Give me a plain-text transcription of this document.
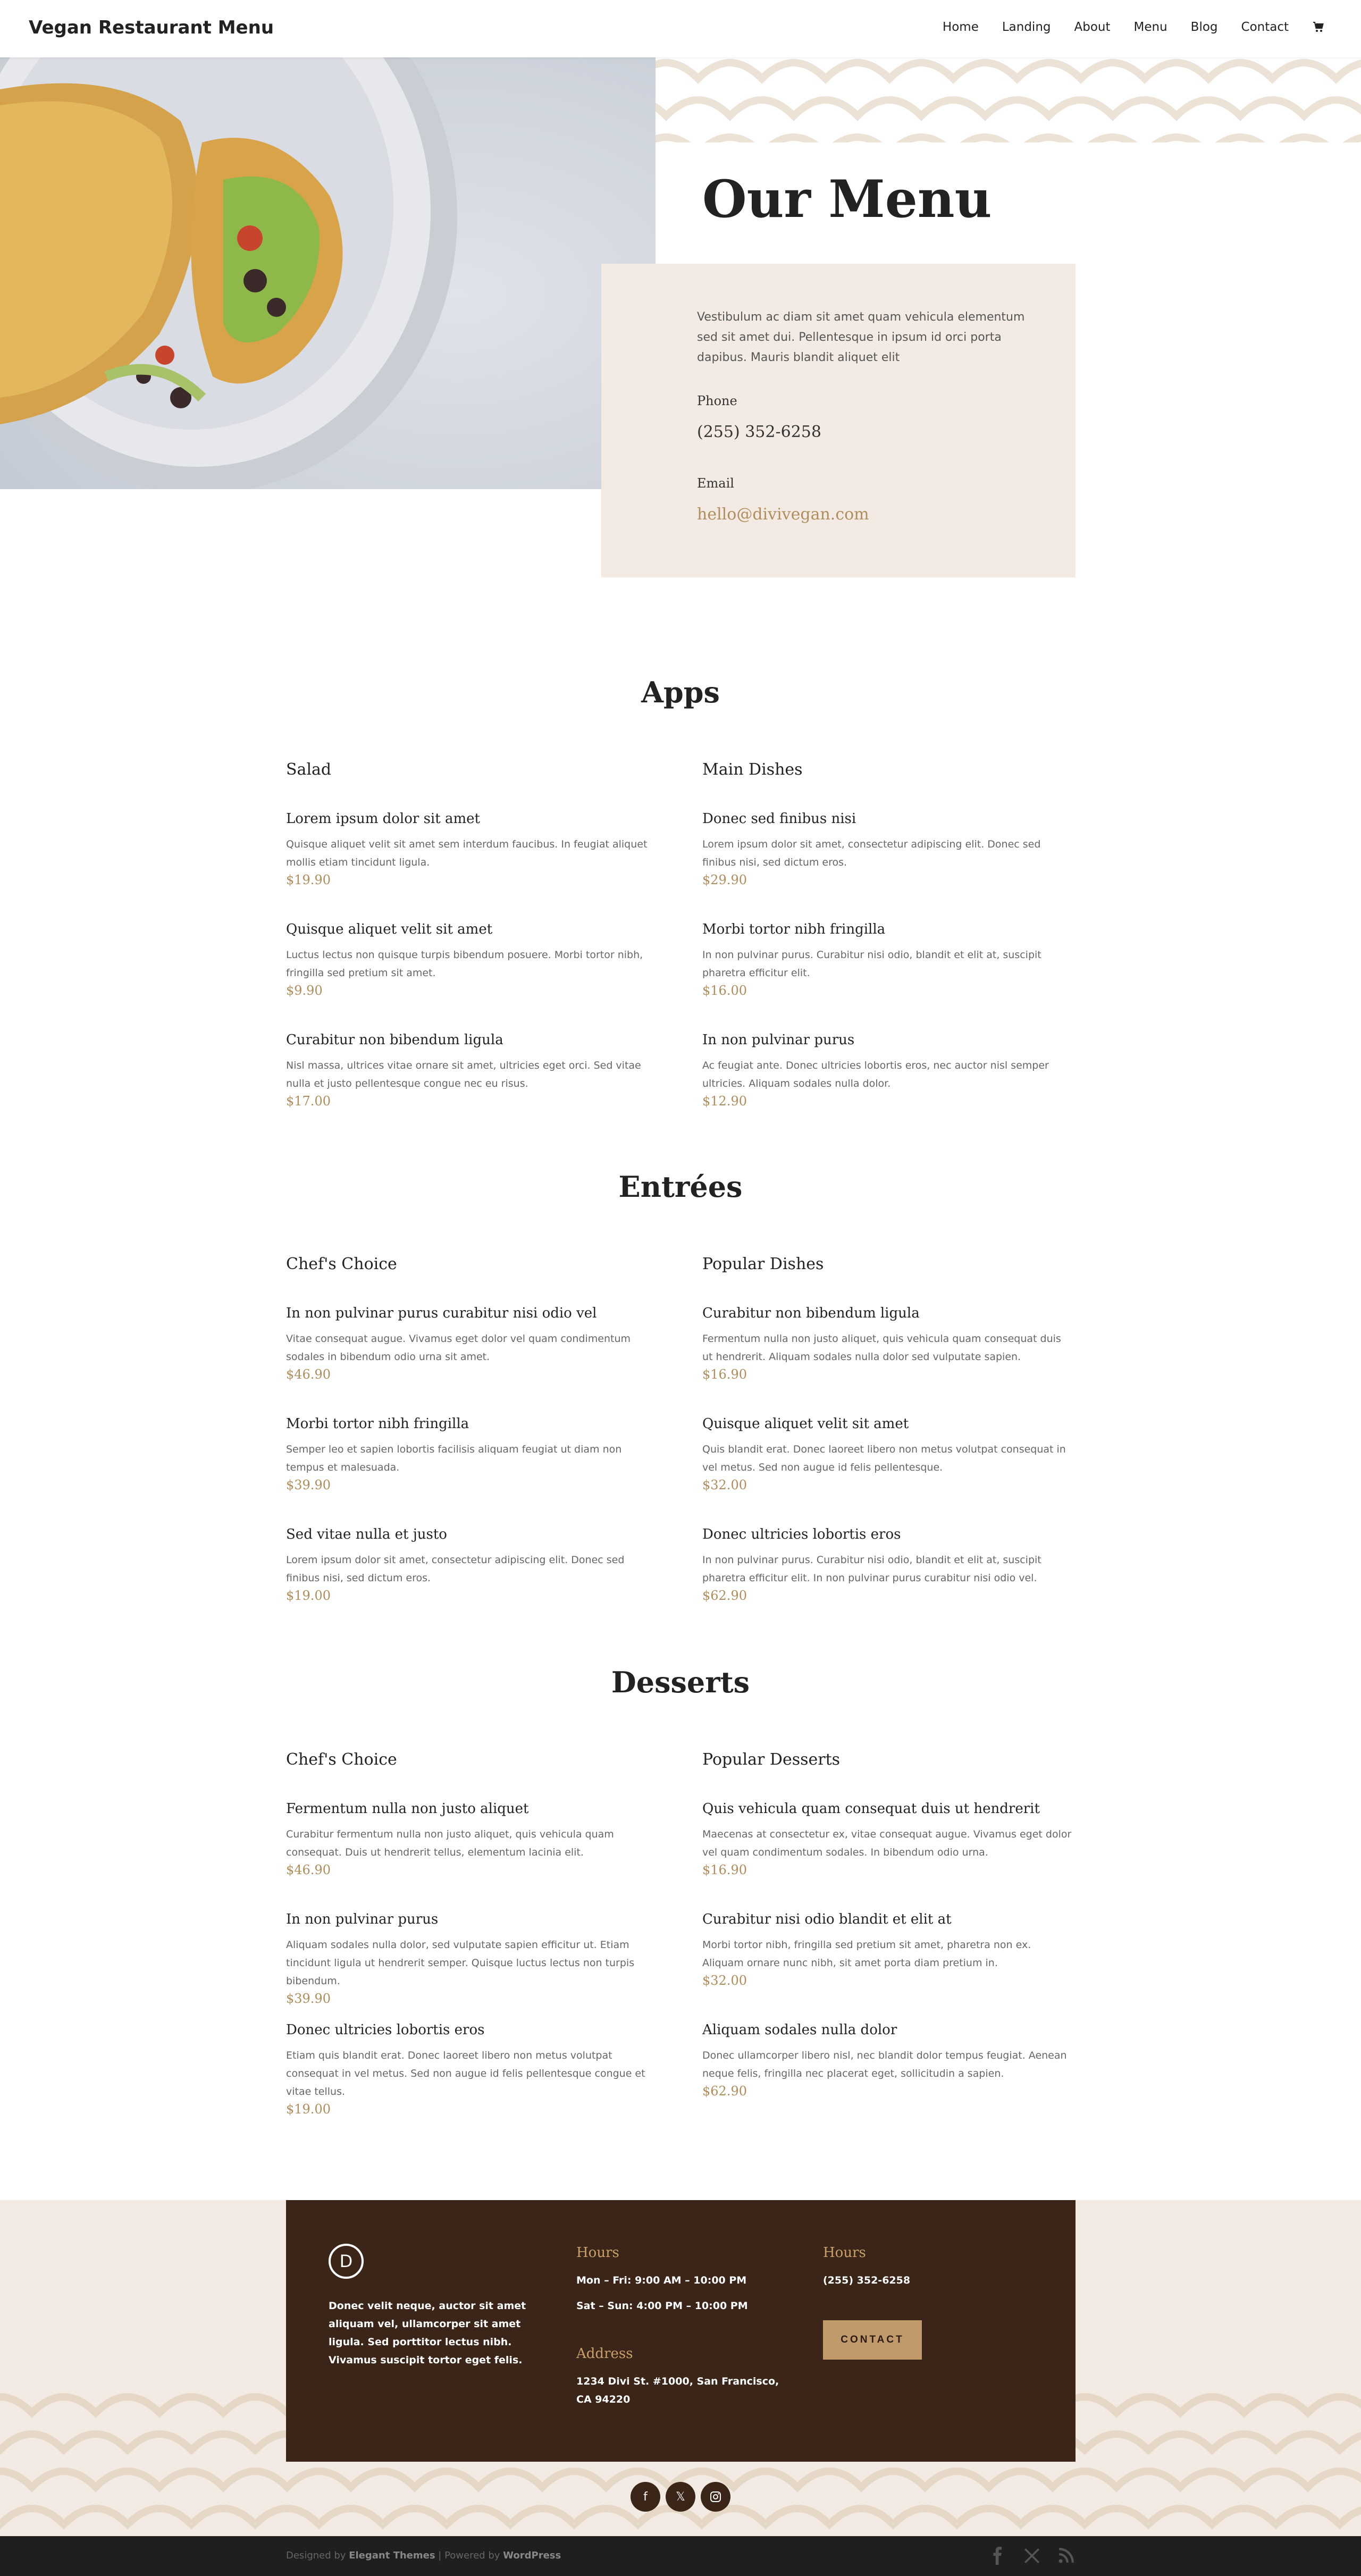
Vegan Restaurant Menu	Home Landing About Menu Blog Contact
Our Menu

Vestibulum ac diam sit amet quam vehicula elementum sed sit amet dui. Pellentesque in ipsum id orci porta dapibus. Mauris blandit aliquet elit

Phone
(255) 352-6258
Email
hello@divivegan.com
Apps
Salad
Lorem ipsum dolor sit amet
Quisque aliquet velit sit amet sem interdum faucibus. In feugiat aliquet mollis etiam tincidunt ligula.
$19.90
Quisque aliquet velit sit amet
Luctus lectus non quisque turpis bibendum posuere. Morbi tortor nibh, fringilla sed pretium sit amet.
$9.90
Curabitur non bibendum ligula
Nisl massa, ultrices vitae ornare sit amet, ultricies eget orci. Sed vitae nulla et justo pellentesque congue nec eu risus.
$17.00
Main Dishes
Donec sed finibus nisi
Lorem ipsum dolor sit amet, consectetur adipiscing elit. Donec sed finibus nisi, sed dictum eros.
$29.90
Morbi tortor nibh fringilla
In non pulvinar purus. Curabitur nisi odio, blandit et elit at, suscipit pharetra efficitur elit.
$16.00
In non pulvinar purus
Ac feugiat ante. Donec ultricies lobortis eros, nec auctor nisl semper ultricies. Aliquam sodales nulla dolor.
$12.90
Entrées
Chef's Choice
In non pulvinar purus curabitur nisi odio vel
Vitae consequat augue. Vivamus eget dolor vel quam condimentum sodales in bibendum odio urna sit amet.
$46.90
Morbi tortor nibh fringilla
Semper leo et sapien lobortis facilisis aliquam feugiat ut diam non tempus et malesuada.
$39.90
Sed vitae nulla et justo
Lorem ipsum dolor sit amet, consectetur adipiscing elit. Donec sed finibus nisi, sed dictum eros.
$19.00
Popular Dishes
Curabitur non bibendum ligula
Fermentum nulla non justo aliquet, quis vehicula quam consequat duis ut hendrerit. Aliquam sodales nulla dolor sed vulputate sapien.
$16.90
Quisque aliquet velit sit amet
Quis blandit erat. Donec laoreet libero non metus volutpat consequat in vel metus. Sed non augue id felis pellentesque.
$32.00
Donec ultricies lobortis eros
In non pulvinar purus. Curabitur nisi odio, blandit et elit at, suscipit pharetra efficitur elit. In non pulvinar purus curabitur nisi odio vel.
$62.90
Desserts
Chef's Choice
Fermentum nulla non justo aliquet
Curabitur fermentum nulla non justo aliquet, quis vehicula quam consequat. Duis ut hendrerit tellus, elementum lacinia elit.
$46.90
In non pulvinar purus
Aliquam sodales nulla dolor, sed vulputate sapien efficitur ut. Etiam tincidunt ligula ut hendrerit semper. Quisque luctus lectus non turpis bibendum.
$39.90
Donec ultricies lobortis eros
Etiam quis blandit erat. Donec laoreet libero non metus volutpat consequat in vel metus. Sed non augue id felis pellentesque congue et vitae tellus.
$19.00
Popular Desserts
Quis vehicula quam consequat duis ut hendrerit
Maecenas at consectetur ex, vitae consequat augue. Vivamus eget dolor vel quam condimentum sodales. In bibendum odio urna.
$16.90
Curabitur nisi odio blandit et elit at
Morbi tortor nibh, fringilla sed pretium sit amet, pharetra non ex. Aliquam ornare nunc nibh, sit amet porta diam pretium in.
$32.00
Aliquam sodales nulla dolor
Donec ullamcorper libero nisl, nec blandit dolor tempus feugiat. Aenean neque felis, fringilla nec placerat eget, sollicitudin a sapien.
$62.90
D

Donec velit neque, auctor sit amet aliquam vel, ullamcorper sit amet ligula. Sed porttitor lectus nibh. Vivamus suscipit tortor eget felis.

Hours
Mon – Fri: 9:00 AM – 10:00 PM
Sat – Sun: 4:00 PM – 10:00 PM
Address
1234 Divi St. #1000, San Francisco, CA 94220
Hours
(255) 352-6258
CONTACT
f	𝕏
Designed by Elegant Themes | Powered by WordPress
